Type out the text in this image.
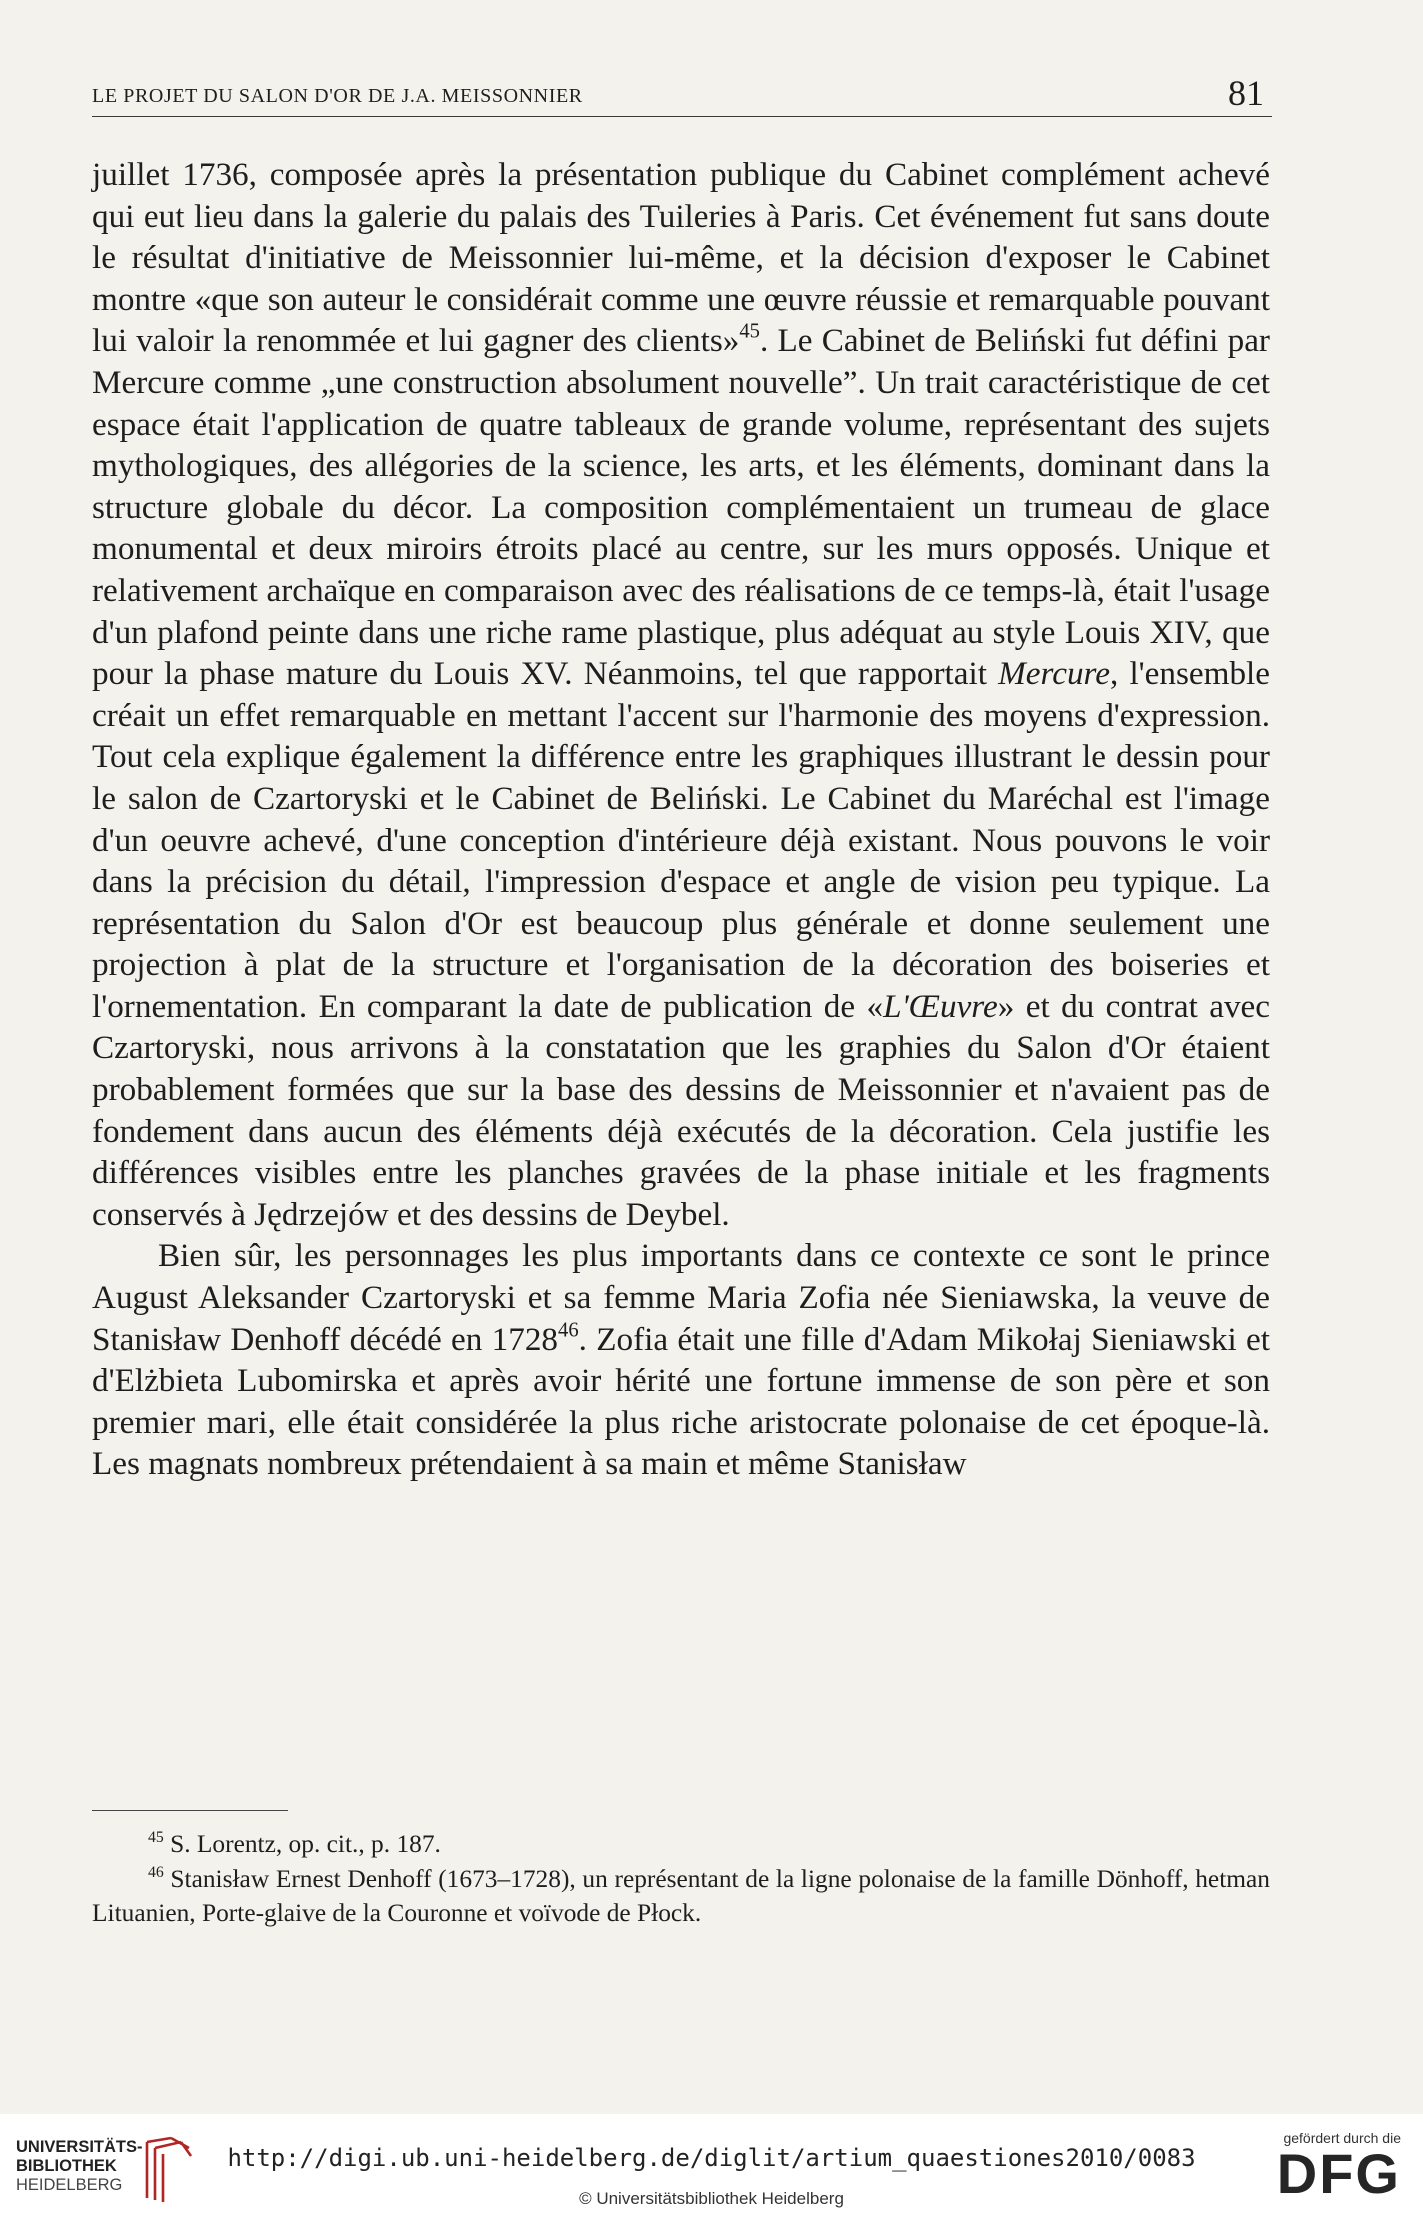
LE PROJET DU SALON D'OR DE J.A. MEISSONNIER	81

juillet 1736, composée après la présentation publique du Cabinet complément achevé qui eut lieu dans la galerie du palais des Tuileries à Paris. Cet événement fut sans doute le résultat d'initiative de Meissonnier lui-même, et la décision d'exposer le Cabinet montre «que son auteur le considérait comme une œuvre réussie et remarquable pouvant lui valoir la renommée et lui gagner des clients»$^{45}$. Le Cabinet de Beliński fut défini par Mercure comme „une construction absolument nouvelle”. Un trait caractéristique de cet espace était l'application de quatre tableaux de grande volume, représentant des sujets mythologiques, des allégories de la science, les arts, et les éléments, dominant dans la structure globale du décor. La composition complémentaient un trumeau de glace monumental et deux miroirs étroits placé au centre, sur les murs opposés. Unique et relativement archaïque en comparaison avec des réalisations de ce temps-là, était l'usage d'un plafond peinte dans une riche rame plastique, plus adéquat au style Louis XIV, que pour la phase mature du Louis XV. Néanmoins, tel que rapportait Mercure, l'ensemble créait un effet remarquable en mettant l'accent sur l'harmonie des moyens d'expression. Tout cela explique également la différence entre les graphiques illustrant le dessin pour le salon de Czartoryski et le Cabinet de Beliński. Le Cabinet du Maréchal est l'image d'un oeuvre achevé, d'une conception d'intérieure déjà existant. Nous pouvons le voir dans la précision du détail, l'impression d'espace et angle de vision peu typique. La représentation du Salon d'Or est beaucoup plus générale et donne seulement une projection à plat de la structure et l'organisation de la décoration des boiseries et l'ornementation. En comparant la date de publication de «L'Œuvre» et du contrat avec Czartoryski, nous arrivons à la constatation que les graphies du Salon d'Or étaient probablement formées que sur la base des dessins de Meissonnier et n'avaient pas de fondement dans aucun des éléments déjà exécutés de la décoration. Cela justifie les différences visibles entre les planches gravées de la phase initiale et les fragments conservés à Jędrzejów et des dessins de Deybel.

Bien sûr, les personnages les plus importants dans ce contexte ce sont le prince August Aleksander Czartoryski et sa femme Maria Zofia née Sieniawska, la veuve de Stanisław Denhoff décédé en 1728$^{46}$. Zofia était une fille d'Adam Mikołaj Sieniawski et d'Elżbieta Lubomirska et après avoir hérité une fortune immense de son père et son premier mari, elle était considérée la plus riche aristocrate polonaise de cet époque-là. Les magnats nombreux prétendaient à sa main et même Stanisław

$^{45}$ S. Lorentz, op. cit., p. 187.

$^{46}$ Stanisław Ernest Denhoff (1673–1728), un représentant de la ligne polonaise de la famille Dönhoff, hetman Lituanien, Porte-glaive de la Couronne et voïvode de Płock.

UNIVERSITÄTS-
BIBLIOTHEK
HEIDELBERG
http://digi.ub.uni-heidelberg.de/diglit/artium_quaestiones2010/0083
© Universitätsbibliothek Heidelberg
gefördert durch die
DFG
